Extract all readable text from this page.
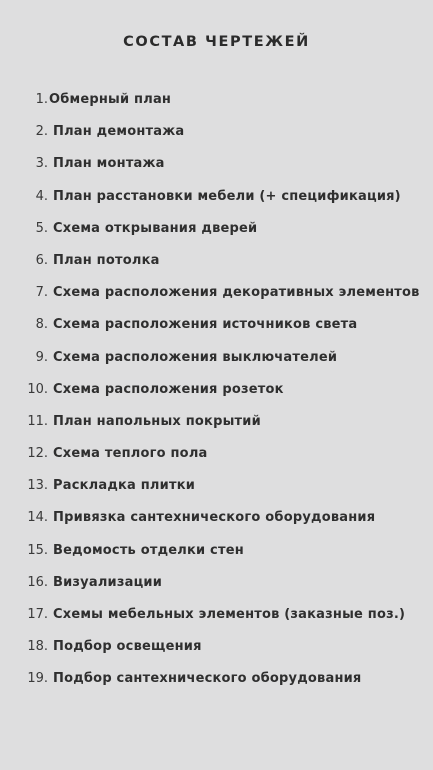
СОСТАВ ЧЕРТЕЖЕЙ
1. Обмерный план
2. План демонтажа
3. План монтажа
4. План расстановки мебели (+ спецификация)
5. Схема открывания дверей
6. План потолка
7. Схема расположения декоративных элементов
8. Схема расположения источников света
9. Схема расположения выключателей
10. Схема расположения розеток
11. План напольных покрытий
12. Схема теплого пола
13. Раскладка плитки
14. Привязка сантехнического оборудования
15. Ведомость отделки стен
16. Визуализации
17. Схемы мебельных элементов (заказные поз.)
18. Подбор освещения
19. Подбор сантехнического оборудования
